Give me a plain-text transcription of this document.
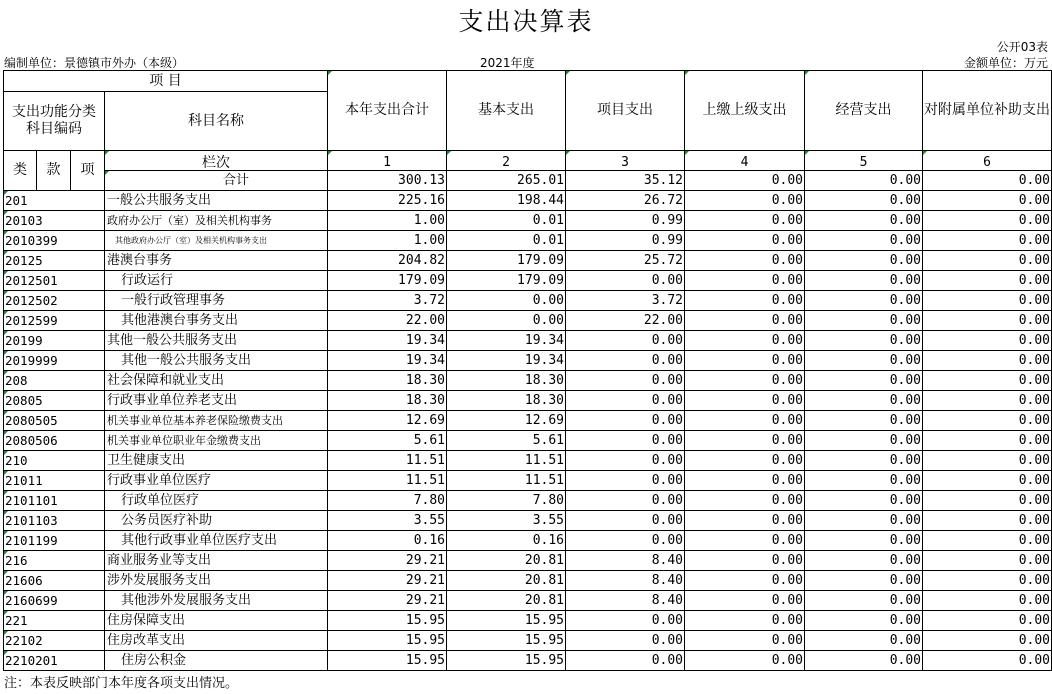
支出决算表
公开03表
编制单位：景德镇市外办（本级）	2021年度	金额单位：万元
项 目				本年支出合计	基本支出	项目支出	上缴上级支出	经营支出	对附属单位补助支出
支出功能分类 科目编码			科目名称						
类	款	项	栏次	1	2	3	4	5	6
			合计	300.13	265.01	35.12	0.00	0.00	0.00
201			一般公共服务支出	225.16	198.44	26.72	0.00	0.00	0.00
20103			政府办公厅（室）及相关机构事务	1.00	0.01	0.99	0.00	0.00	0.00
2010399			其他政府办公厅（室）及相关机构事务支出	1.00	0.01	0.99	0.00	0.00	0.00
20125			港澳台事务	204.82	179.09	25.72	0.00	0.00	0.00
2012501			行政运行	179.09	179.09	0.00	0.00	0.00	0.00
2012502			一般行政管理事务	3.72	0.00	3.72	0.00	0.00	0.00
2012599			其他港澳台事务支出	22.00	0.00	22.00	0.00	0.00	0.00
20199			其他一般公共服务支出	19.34	19.34	0.00	0.00	0.00	0.00
2019999			其他一般公共服务支出	19.34	19.34	0.00	0.00	0.00	0.00
208			社会保障和就业支出	18.30	18.30	0.00	0.00	0.00	0.00
20805			行政事业单位养老支出	18.30	18.30	0.00	0.00	0.00	0.00
2080505			机关事业单位基本养老保险缴费支出	12.69	12.69	0.00	0.00	0.00	0.00
2080506			机关事业单位职业年金缴费支出	5.61	5.61	0.00	0.00	0.00	0.00
210			卫生健康支出	11.51	11.51	0.00	0.00	0.00	0.00
21011			行政事业单位医疗	11.51	11.51	0.00	0.00	0.00	0.00
2101101			行政单位医疗	7.80	7.80	0.00	0.00	0.00	0.00
2101103			公务员医疗补助	3.55	3.55	0.00	0.00	0.00	0.00
2101199			其他行政事业单位医疗支出	0.16	0.16	0.00	0.00	0.00	0.00
216			商业服务业等支出	29.21	20.81	8.40	0.00	0.00	0.00
21606			涉外发展服务支出	29.21	20.81	8.40	0.00	0.00	0.00
2160699			其他涉外发展服务支出	29.21	20.81	8.40	0.00	0.00	0.00
221			住房保障支出	15.95	15.95	0.00	0.00	0.00	0.00
22102			住房改革支出	15.95	15.95	0.00	0.00	0.00	0.00
2210201			住房公积金	15.95	15.95	0.00	0.00	0.00	0.00
注：本表反映部门本年度各项支出情况。
